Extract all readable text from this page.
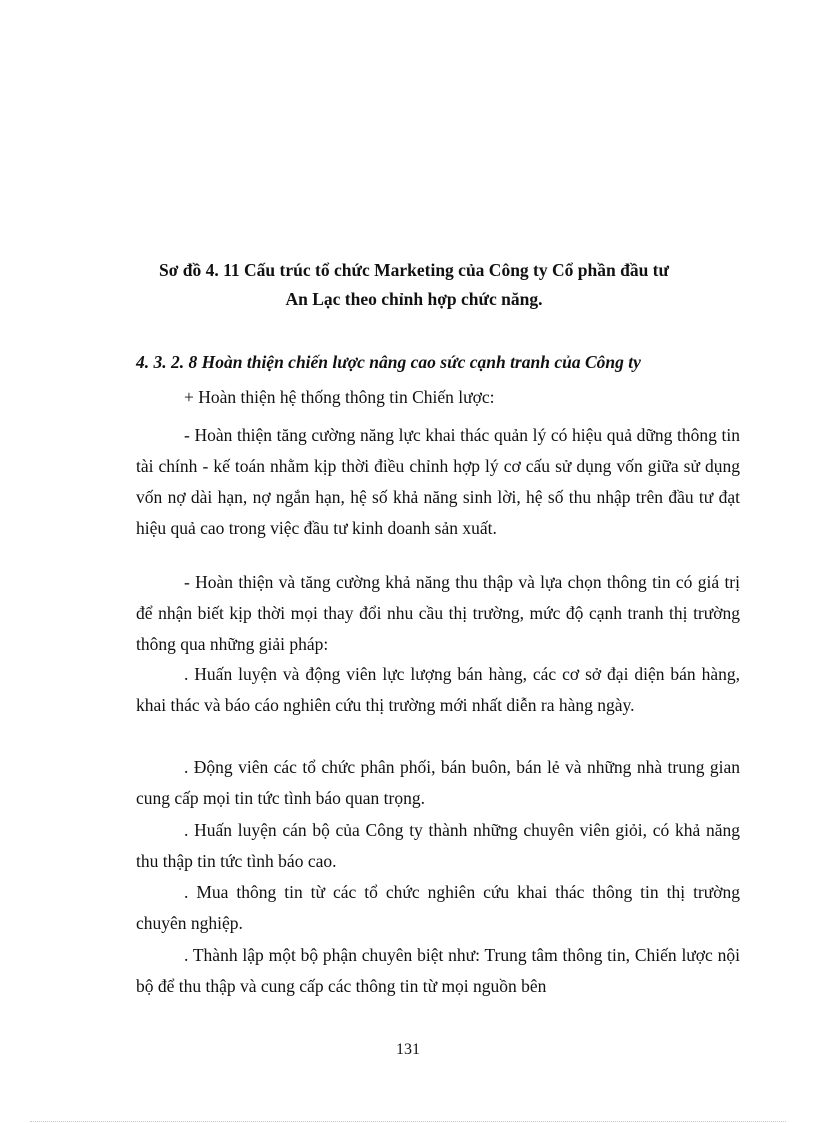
Sơ đồ 4. 11 Cấu trúc tổ chức Marketing của Công ty Cổ phần đầu tư
An Lạc theo chỉnh hợp chức năng.
4. 3. 2. 8 Hoàn thiện chiến lược nâng cao sức cạnh tranh của Công ty

+ Hoàn thiện hệ thống thông tin Chiến lược:

- Hoàn thiện tăng cường năng lực khai thác quản lý có hiệu quả dững thông tin tài chính - kế toán nhằm kịp thời điều chỉnh hợp lý cơ cấu sử dụng vốn giữa sử dụng vốn nợ dài hạn, nợ ngắn hạn, hệ số khả năng sinh lời, hệ số thu nhập trên đầu tư đạt hiệu quả cao trong việc đầu tư kinh doanh sản xuất.

- Hoàn thiện và tăng cường khả năng thu thập và lựa chọn thông tin có giá trị để nhận biết kịp thời mọi thay đổi nhu cầu thị trường, mức độ cạnh tranh thị trường thông qua những giải pháp:

. Huấn luyện và động viên lực lượng bán hàng, các cơ sở đại diện bán hàng, khai thác và báo cáo nghiên cứu thị trường mới nhất diễn ra hàng ngày.

. Động viên các tổ chức phân phối, bán buôn, bán lẻ và những nhà trung gian cung cấp mọi tin tức tình báo quan trọng.

. Huấn luyện cán bộ của Công ty thành những chuyên viên giỏi, có khả năng thu thập tin tức tình báo cao.

. Mua thông tin từ các tổ chức nghiên cứu khai thác thông tin thị trường chuyên nghiệp.

. Thành lập một bộ phận chuyên biệt như: Trung tâm thông tin, Chiến lược nội bộ để thu thập và cung cấp các thông tin từ mọi nguồn bên

131
